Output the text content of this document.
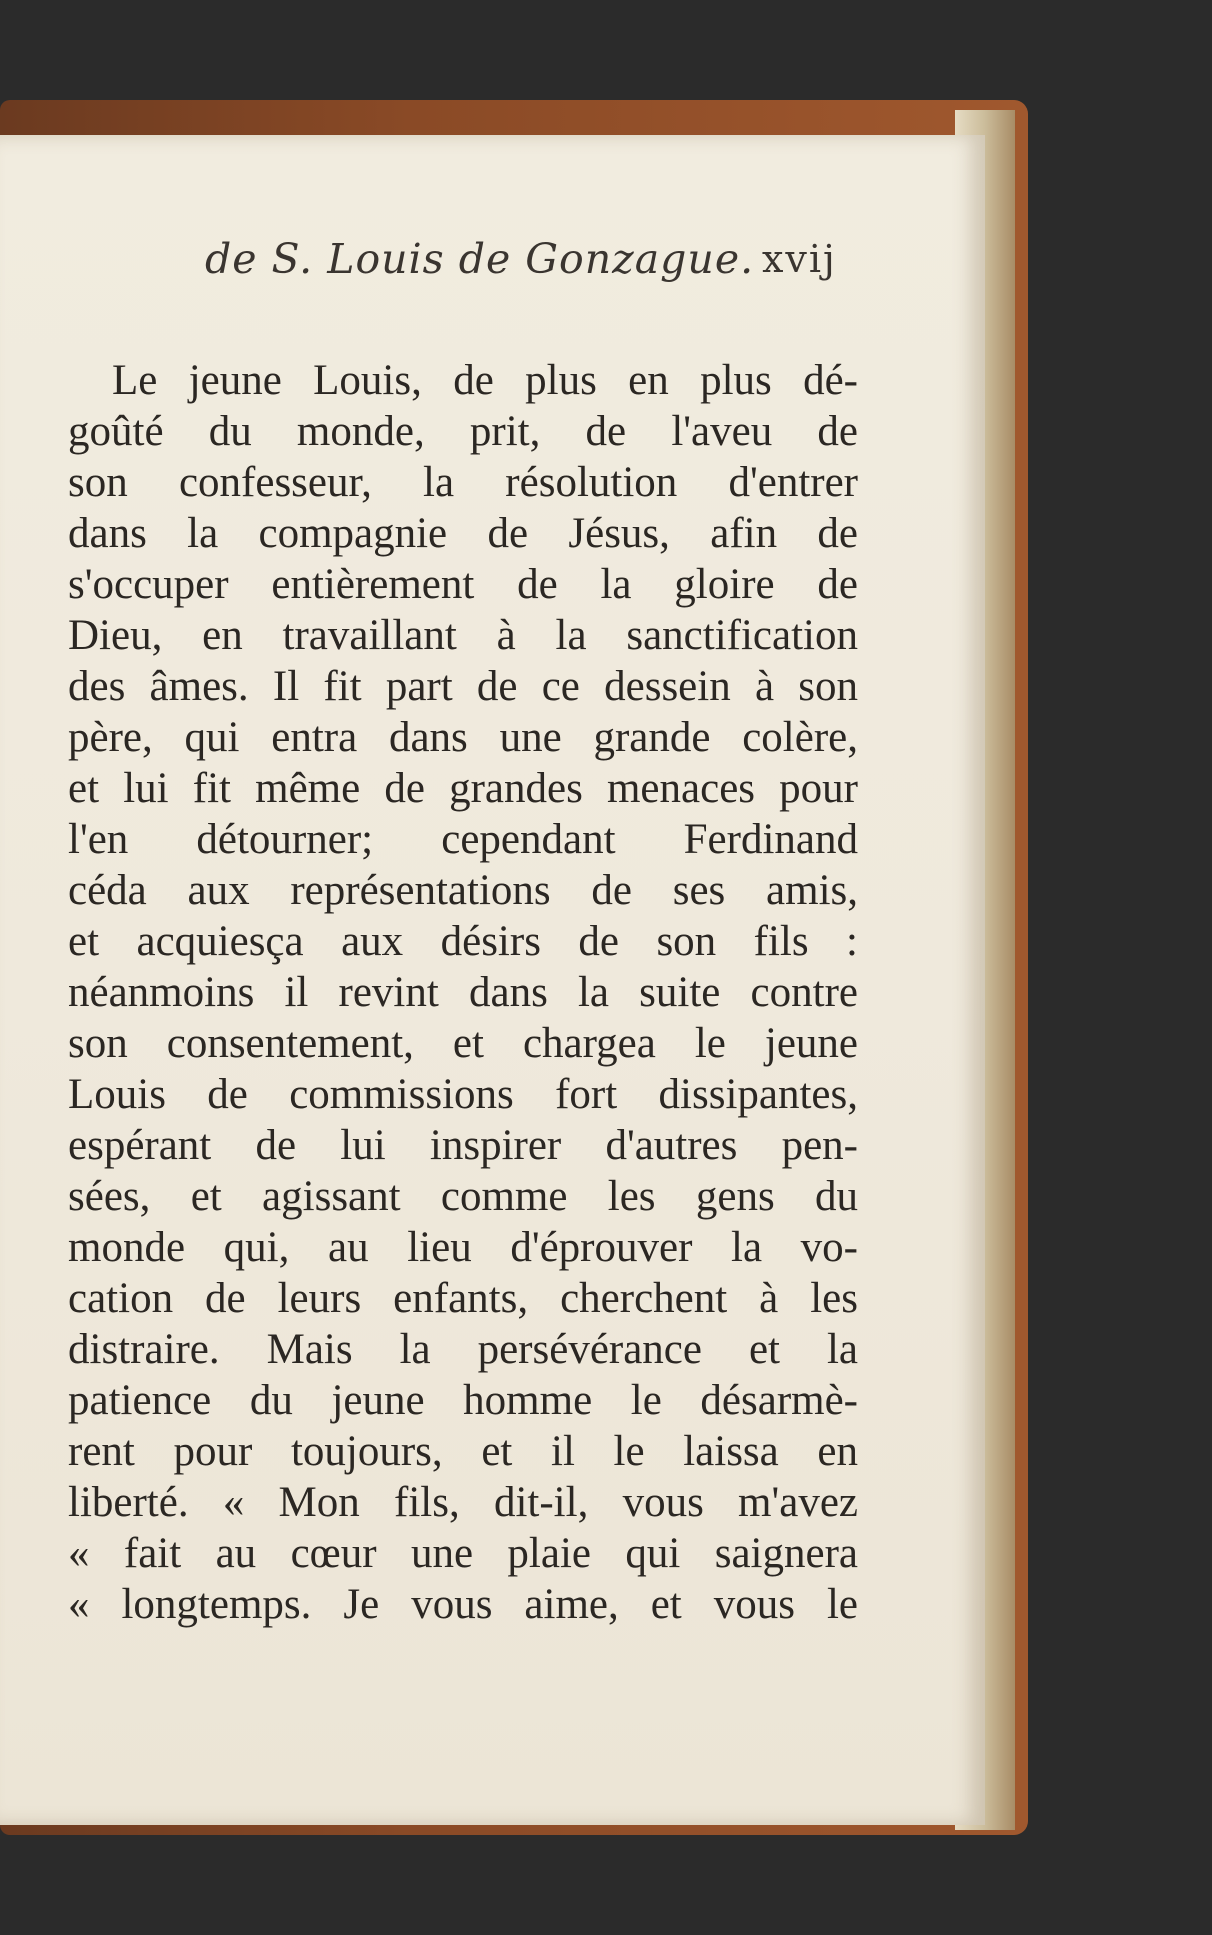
de S. Louis de Gonzague. xvij
Le jeune Louis, de plus en plus dé-
goûté du monde, prit, de l'aveu de
son confesseur, la résolution d'entrer
dans la compagnie de Jésus, afin de
s'occuper entièrement de la gloire de
Dieu, en travaillant à la sanctification
des âmes. Il fit part de ce dessein à son
père, qui entra dans une grande colère,
et lui fit même de grandes menaces pour
l'en détourner; cependant Ferdinand
céda aux représentations de ses amis,
et acquiesça aux désirs de son fils :
néanmoins il revint dans la suite contre
son consentement, et chargea le jeune
Louis de commissions fort dissipantes,
espérant de lui inspirer d'autres pen-
sées, et agissant comme les gens du
monde qui, au lieu d'éprouver la vo-
cation de leurs enfants, cherchent à les
distraire. Mais la persévérance et la
patience du jeune homme le désarmè-
rent pour toujours, et il le laissa en
liberté. « Mon fils, dit-il, vous m'avez
« fait au cœur une plaie qui saignera
« longtemps. Je vous aime, et vous le
